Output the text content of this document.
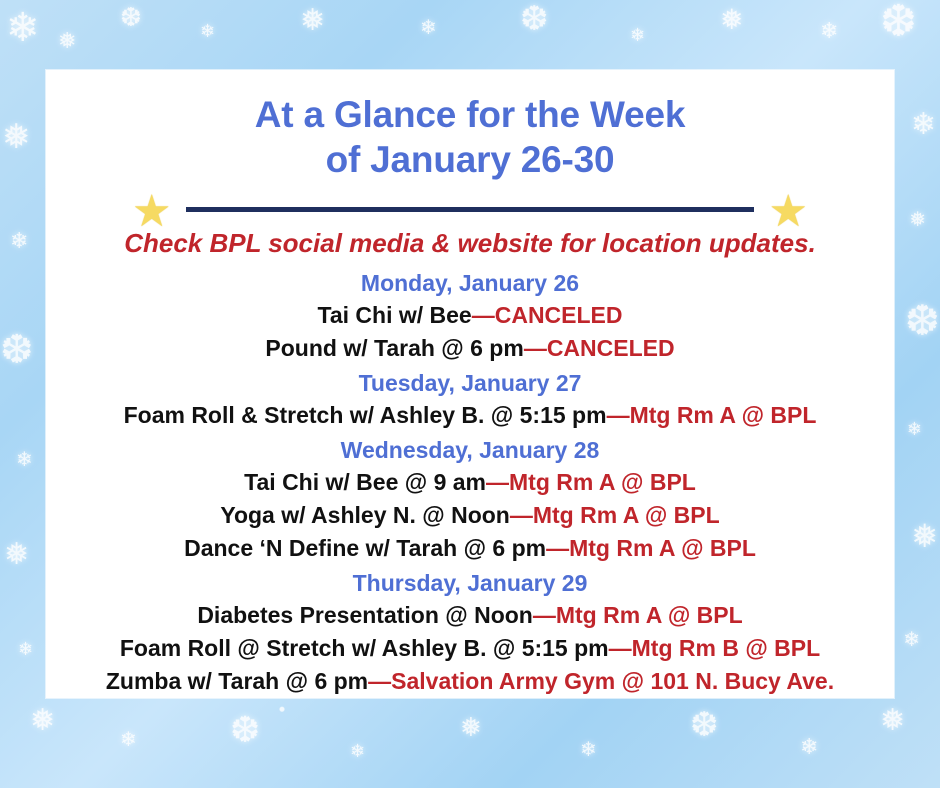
❄ ❅
❆	❄	❅	❄ ❆	❄	❅	❄ ❆
❅
❄
❆
❄
❅
❄
❄
❅
❆
❄
❅
❄
❅
❄	❆
❄
❅
❄
❆
❄
❅
At a Glance for the Week
of January 26-30
★	★
Check BPL social media & website for location updates.
Monday, January 26
Tai Chi w/ Bee—CANCELED
Pound w/ Tarah @ 6 pm—CANCELED
Tuesday, January 27
Foam Roll & Stretch w/ Ashley B. @ 5:15 pm—Mtg Rm A @ BPL
Wednesday, January 28
Tai Chi w/ Bee @ 9 am—Mtg Rm A @ BPL
Yoga w/ Ashley N. @ Noon—Mtg Rm A @ BPL
Dance ‘N Define w/ Tarah @ 6 pm—Mtg Rm A @ BPL
Thursday, January 29
Diabetes Presentation @ Noon—Mtg Rm A @ BPL
Foam Roll @ Stretch w/ Ashley B. @ 5:15 pm—Mtg Rm B @ BPL
Zumba w/ Tarah @ 6 pm—Salvation Army Gym @ 101 N. Bucy Ave.
